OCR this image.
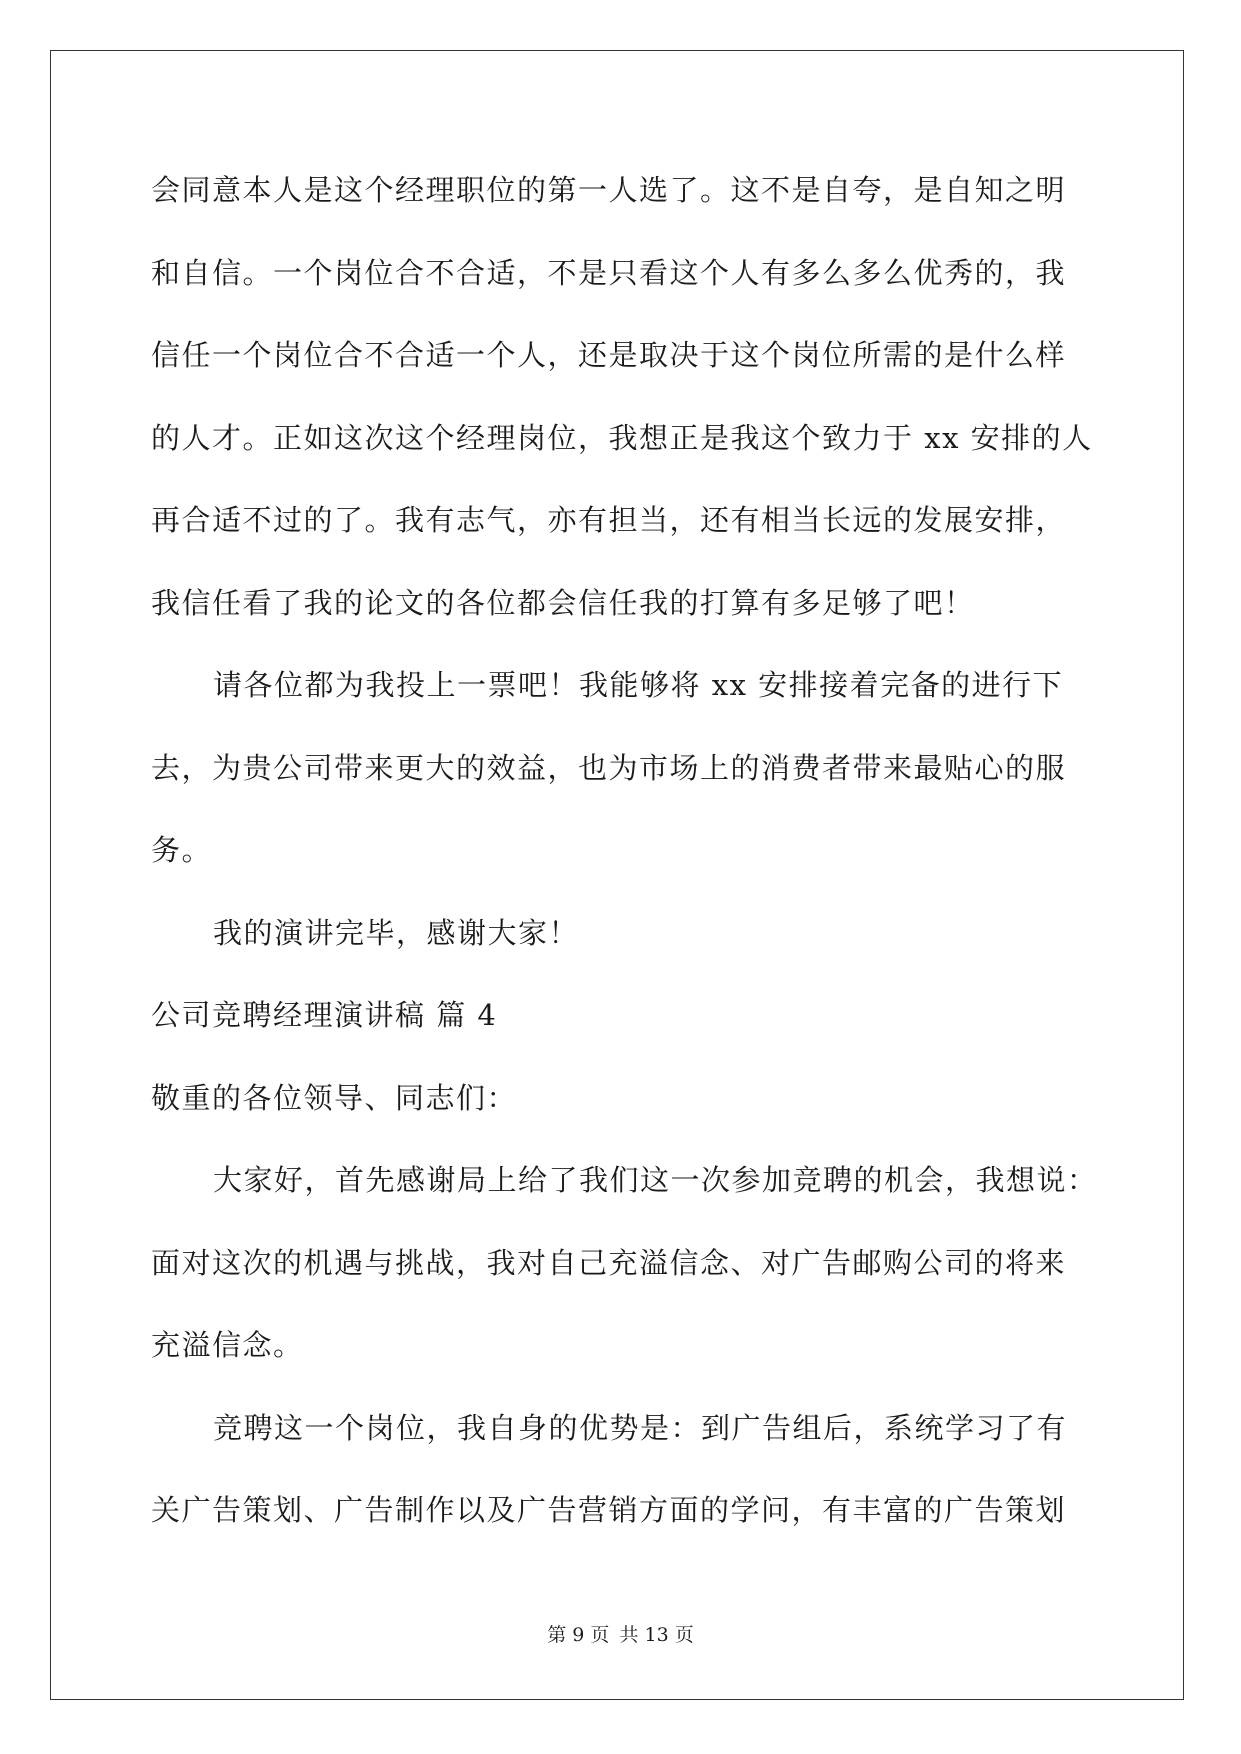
会同意本人是这个经理职位的第一人选了。这不是自夸，是自知之明
和自信。一个岗位合不合适，不是只看这个人有多么多么优秀的，我
信任一个岗位合不合适一个人，还是取决于这个岗位所需的是什么样
的人才。正如这次这个经理岗位，我想正是我这个致力于 xx 安排的人
再合适不过的了。我有志气，亦有担当，还有相当长远的发展安排，
我信任看了我的论文的各位都会信任我的打算有多足够了吧！
请各位都为我投上一票吧！我能够将 xx 安排接着完备的进行下
去，为贵公司带来更大的效益，也为市场上的消费者带来最贴心的服
务。
我的演讲完毕，感谢大家！
公司竞聘经理演讲稿 篇 4
敬重的各位领导、同志们：
大家好，首先感谢局上给了我们这一次参加竞聘的机会，我想说：
面对这次的机遇与挑战，我对自己充溢信念、对广告邮购公司的将来
充溢信念。
竞聘这一个岗位，我自身的优势是：到广告组后，系统学习了有
关广告策划、广告制作以及广告营销方面的学问，有丰富的广告策划
第 9 页 共 13 页
